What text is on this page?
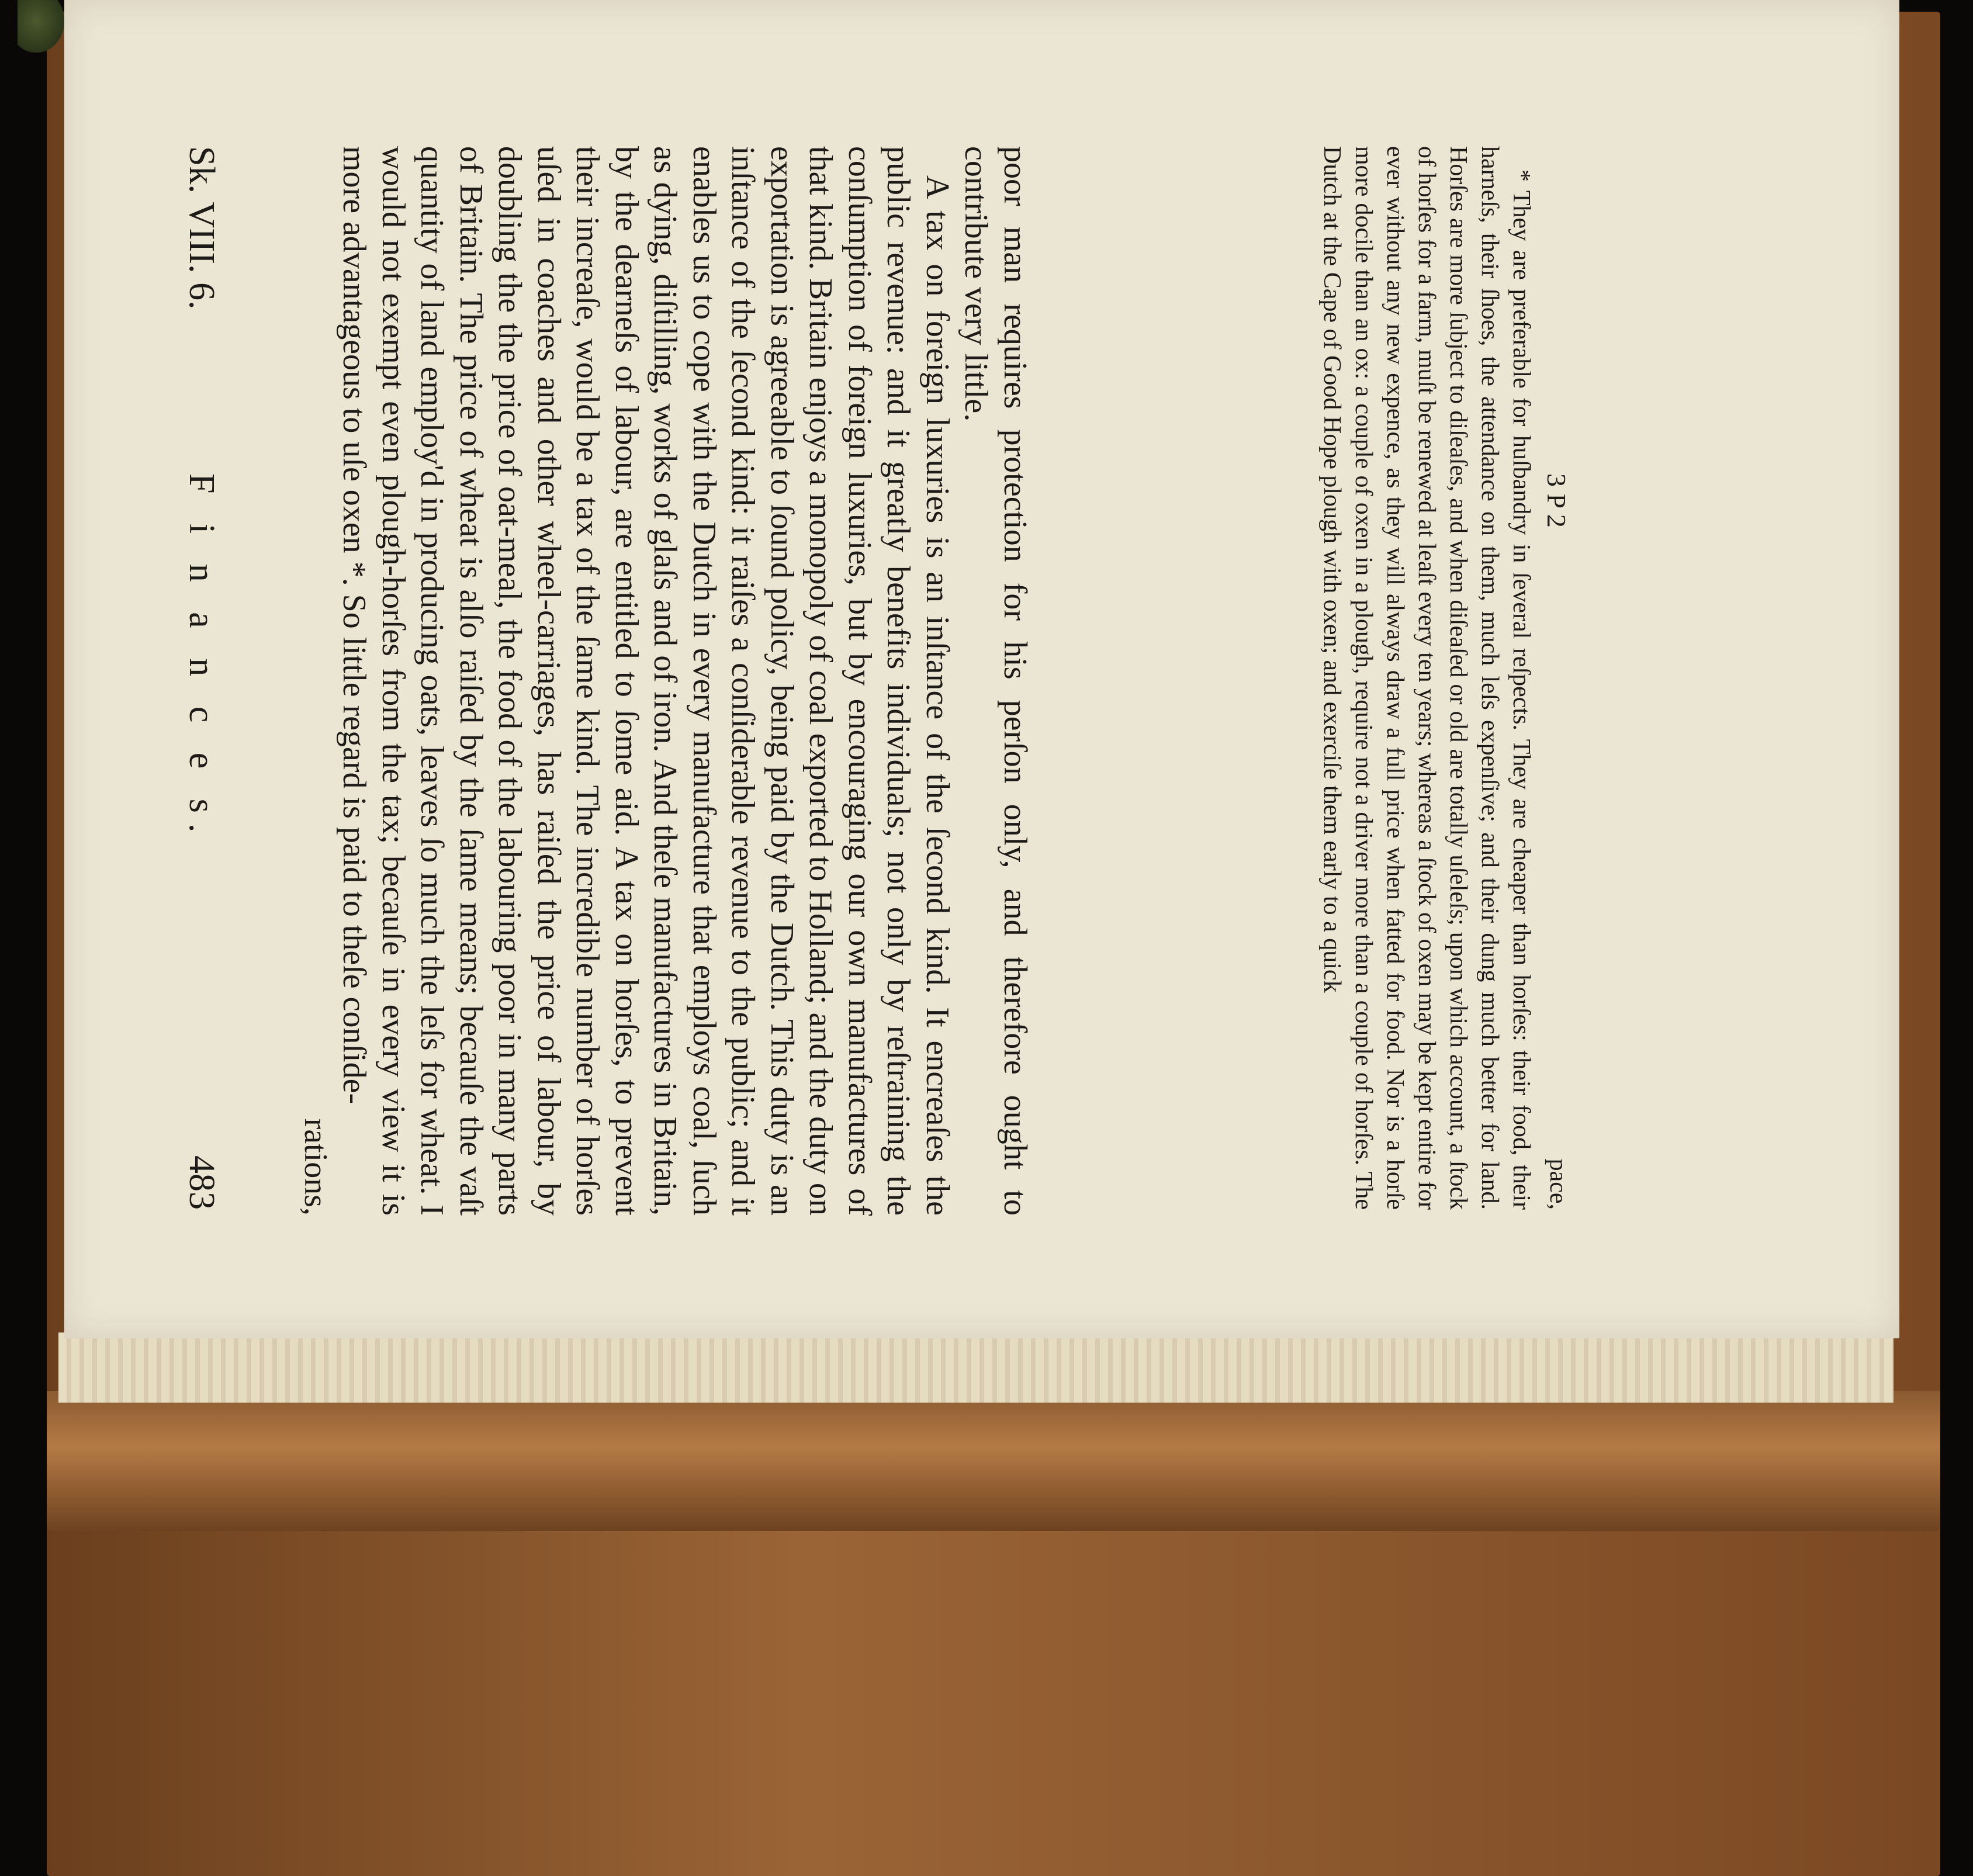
Sk. VIII. 6.
F i n a n c e s.
483	poor man requires protection for his perſon only, and therefore ought to contribute very little.

A tax on foreign luxuries is an inſtance of the ſecond kind. It encreaſes the public revenue: and it greatly benefits individuals; not only by reſtraining the conſumption of foreign luxuries, but by encouraging our own manufactures of that kind. Britain enjoys a monopoly of coal exported to Holland; and the duty on exportation is agreeable to ſound policy, being paid by the Dutch. This duty is an inſtance of the ſecond kind: it raiſes a conſiderable revenue to the public; and it enables us to cope with the Dutch in every manufacture that employs coal, ſuch as dying, diſtilling, works of glaſs and of iron. And theſe manufactures in Britain, by the dearneſs of labour, are entitled to ſome aid. A tax on horſes, to prevent their increaſe, would be a tax of the ſame kind. The incredible number of horſes uſed in coaches and other wheel-carriages, has raiſed the price of labour, by doubling the the price of oat-meal, the food of the labouring poor in many parts of Britain. The price of wheat is alſo raiſed by the ſame means; becauſe the vaſt quantity of land employ'd in producing oats, leaves ſo much the leſs for wheat. I would not exempt even plough-horſes from the tax; becauſe in every view it is more advantageous to uſe oxen *. So little regard is paid to theſe conſide-

rations,	* They are preferable for huſbandry in ſeveral reſpects. They are cheaper than horſes: their food, their harneſs, their ſhoes, the attendance on them, much leſs expenſive; and their dung much better for land. Horſes are more ſubject to diſeaſes, and when diſeaſed or old are totally uſeleſs; upon which account, a ſtock of horſes for a farm, muſt be renewed at leaſt every ten years; whereas a ſtock of oxen may be kept entire for ever without any new expence, as they will always draw a full price when fatted for food. Nor is a horſe more docile than an ox: a couple of oxen in a plough, require not a driver more than a couple of horſes. The Dutch at the Cape of Good Hope plough with oxen; and exerciſe them early to a quick	3 P 2
pace,
